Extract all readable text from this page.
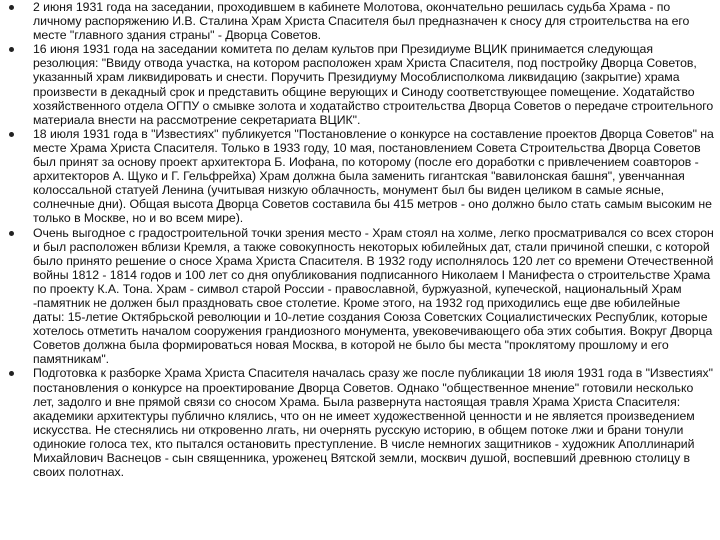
2 июня 1931 года на заседании, проходившем в кабинете Молотова, окончательно решилась судьба Храма - по личному распоряжению И.В. Сталина Храм Христа Спасителя был предназначен к сносу для строительства на его месте "главного здания страны" - Дворца Советов.
16 июня 1931 года на заседании комитета по делам культов при Президиуме ВЦИК принимается следующая резолюция: "Ввиду отвода участка, на котором расположен храм Христа Спасителя, под постройку Дворца Советов, указанный храм ликвидировать и снести. Поручить Президиуму Мособлисполкома ликвидацию (закрытие) храма произвести в декадный срок и представить общине верующих и Синоду соответствующее помещение. Ходатайство хозяйственного отдела ОГПУ о смывке золота и ходатайство строительства Дворца Советов о передаче строительного материала внести на рассмотрение секретариата ВЦИК".
18 июля 1931 года в "Известиях" публикуется "Постановление о конкурсе на составление проектов Дворца Советов" на месте Храма Христа Спасителя. Только в 1933 году, 10 мая, постановлением Совета Строительства Дворца Советов был принят за основу проект архитектора Б. Иофана, по которому (после его доработки с привлечением соавторов - архитекторов А. Щуко и Г. Гельфрейха) Храм должна была заменить гигантская "вавилонская башня", увенчанная колоссальной статуей Ленина (учитывая низкую облачность, монумент был бы виден целиком в самые ясные, солнечные дни). Общая высота Дворца Советов составила бы 415 метров - оно должно было стать самым высоким не только в Москве, но и во всем мире).
Очень выгодное с градостроительной точки зрения место - Храм стоял на холме, легко просматривался со всех сторон и был расположен вблизи Кремля, а также совокупность некоторых юбилейных дат, стали причиной спешки, с которой было принято решение о сносе Храма Христа Спасителя. В 1932 году исполнялось 120 лет со времени Отечественной войны 1812 - 1814 годов и 100 лет со дня опубликования подписанного Николаем I Манифеста о строительстве Храма по проекту К.А. Тона. Храм - символ старой России - православной, буржуазной, купеческой, национальный Храм -памятник не должен был праздновать свое столетие. Кроме этого, на 1932 год приходились еще две юбилейные даты: 15-летие Октябрьской революции и 10-летие создания Союза Советских Социалистических Республик, которые хотелось отметить началом сооружения грандиозного монумента, увековечивающего оба этих события. Вокруг Дворца Советов должна была формироваться новая Москва, в которой не было бы места "проклятому прошлому и его памятникам".
Подготовка к разборке Храма Христа Спасителя началась сразу же после публикации 18 июля 1931 года в "Известиях" постановления о конкурсе на проектирование Дворца Советов. Однако "общественное мнение" готовили несколько лет, задолго и вне прямой связи со сносом Храма. Была развернута настоящая травля Храма Христа Спасителя: академики архитектуры публично клялись, что он не имеет художественной ценности и не является произведением искусства. Не стеснялись ни откровенно лгать, ни очернять русскую историю, в общем потоке лжи и брани тонули одинокие голоса тех, кто пытался остановить преступление. В числе немногих защитников - художник Аполлинарий Михайлович Васнецов - сын священника, уроженец Вятской земли, москвич душой, воспевший древнюю столицу в своих полотнах.
